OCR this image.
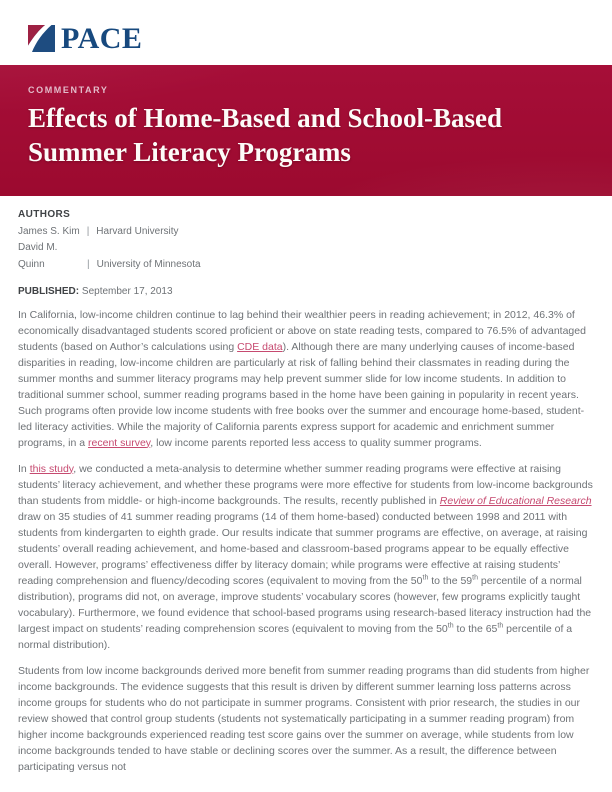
PACE
COMMENTARY
Effects of Home-Based and School-Based
Summer Literacy Programs
AUTHORS
James S. Kim | Harvard University
David M.
Quinn	| University of Minnesota
PUBLISHED: September 17, 2013

In California, low-income children continue to lag behind their wealthier peers in reading achievement; in 2012, 46.3% of economically disadvantaged students scored proficient or above on state reading tests, compared to 76.5% of advantaged students (based on Author’s calculations using CDE data). Although there are many underlying causes of income-based disparities in reading, low-income children are particularly at risk of falling behind their classmates in reading during the summer months and summer literacy programs may help prevent summer slide for low income students. In addition to traditional summer school, summer reading programs based in the home have been gaining in popularity in recent years. Such programs often provide low income students with free books over the summer and encourage home-based, student-led literacy activities. While the majority of California parents express support for academic and enrichment summer programs, in a recent survey, low income parents reported less access to quality summer programs.

In this study, we conducted a meta-analysis to determine whether summer reading programs were effective at raising students’ literacy achievement, and whether these programs were more effective for students from low-income backgrounds than students from middle- or high-income backgrounds. The results, recently published in Review of Educational Research draw on 35 studies of 41 summer reading programs (14 of them home-based) conducted between 1998 and 2011 with students from kindergarten to eighth grade. Our results indicate that summer programs are effective, on average, at raising students’ overall reading achievement, and home-based and classroom-based programs appear to be equally effective overall. However, programs’ effectiveness differ by literacy domain; while programs were effective at raising students’ reading comprehension and fluency/decoding scores (equivalent to moving from the 50th to the 59th percentile of a normal distribution), programs did not, on average, improve students’ vocabulary scores (however, few programs explicitly taught vocabulary). Furthermore, we found evidence that school-based programs using research-based literacy instruction had the largest impact on students’ reading comprehension scores (equivalent to moving from the 50th to the 65th percentile of a normal distribution).

Students from low income backgrounds derived more benefit from summer reading programs than did students from higher income backgrounds. The evidence suggests that this result is driven by different summer learning loss patterns across income groups for students who do not participate in summer programs. Consistent with prior research, the studies in our review showed that control group students (students not systematically participating in a summer reading program) from higher income backgrounds experienced reading test score gains over the summer on average, while students from low income backgrounds tended to have stable or declining scores over the summer. As a result, the difference between participating versus not
